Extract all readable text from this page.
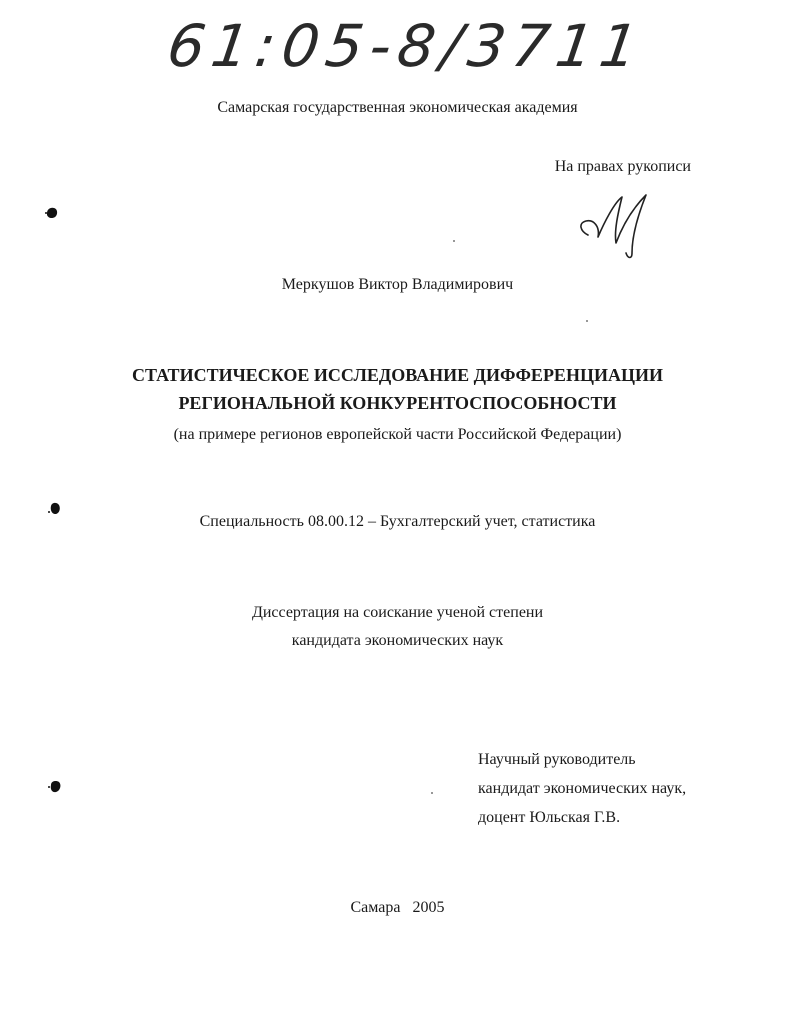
61:05-8/3711
Самарская государственная экономическая академия
На правах рукописи
Меркушов Виктор Владимирович
СТАТИСТИЧЕСКОЕ ИССЛЕДОВАНИЕ ДИФФЕРЕНЦИАЦИИ
РЕГИОНАЛЬНОЙ КОНКУРЕНТОСПОСОБНОСТИ
(на примере регионов европейской части Российской Федерации)
Специальность 08.00.12 – Бухгалтерский учет, статистика
Диссертация на соискание ученой степени
кандидата экономических наук
Научный руководитель
кандидат экономических наук,
доцент Юльская Г.В.
Самара   2005
